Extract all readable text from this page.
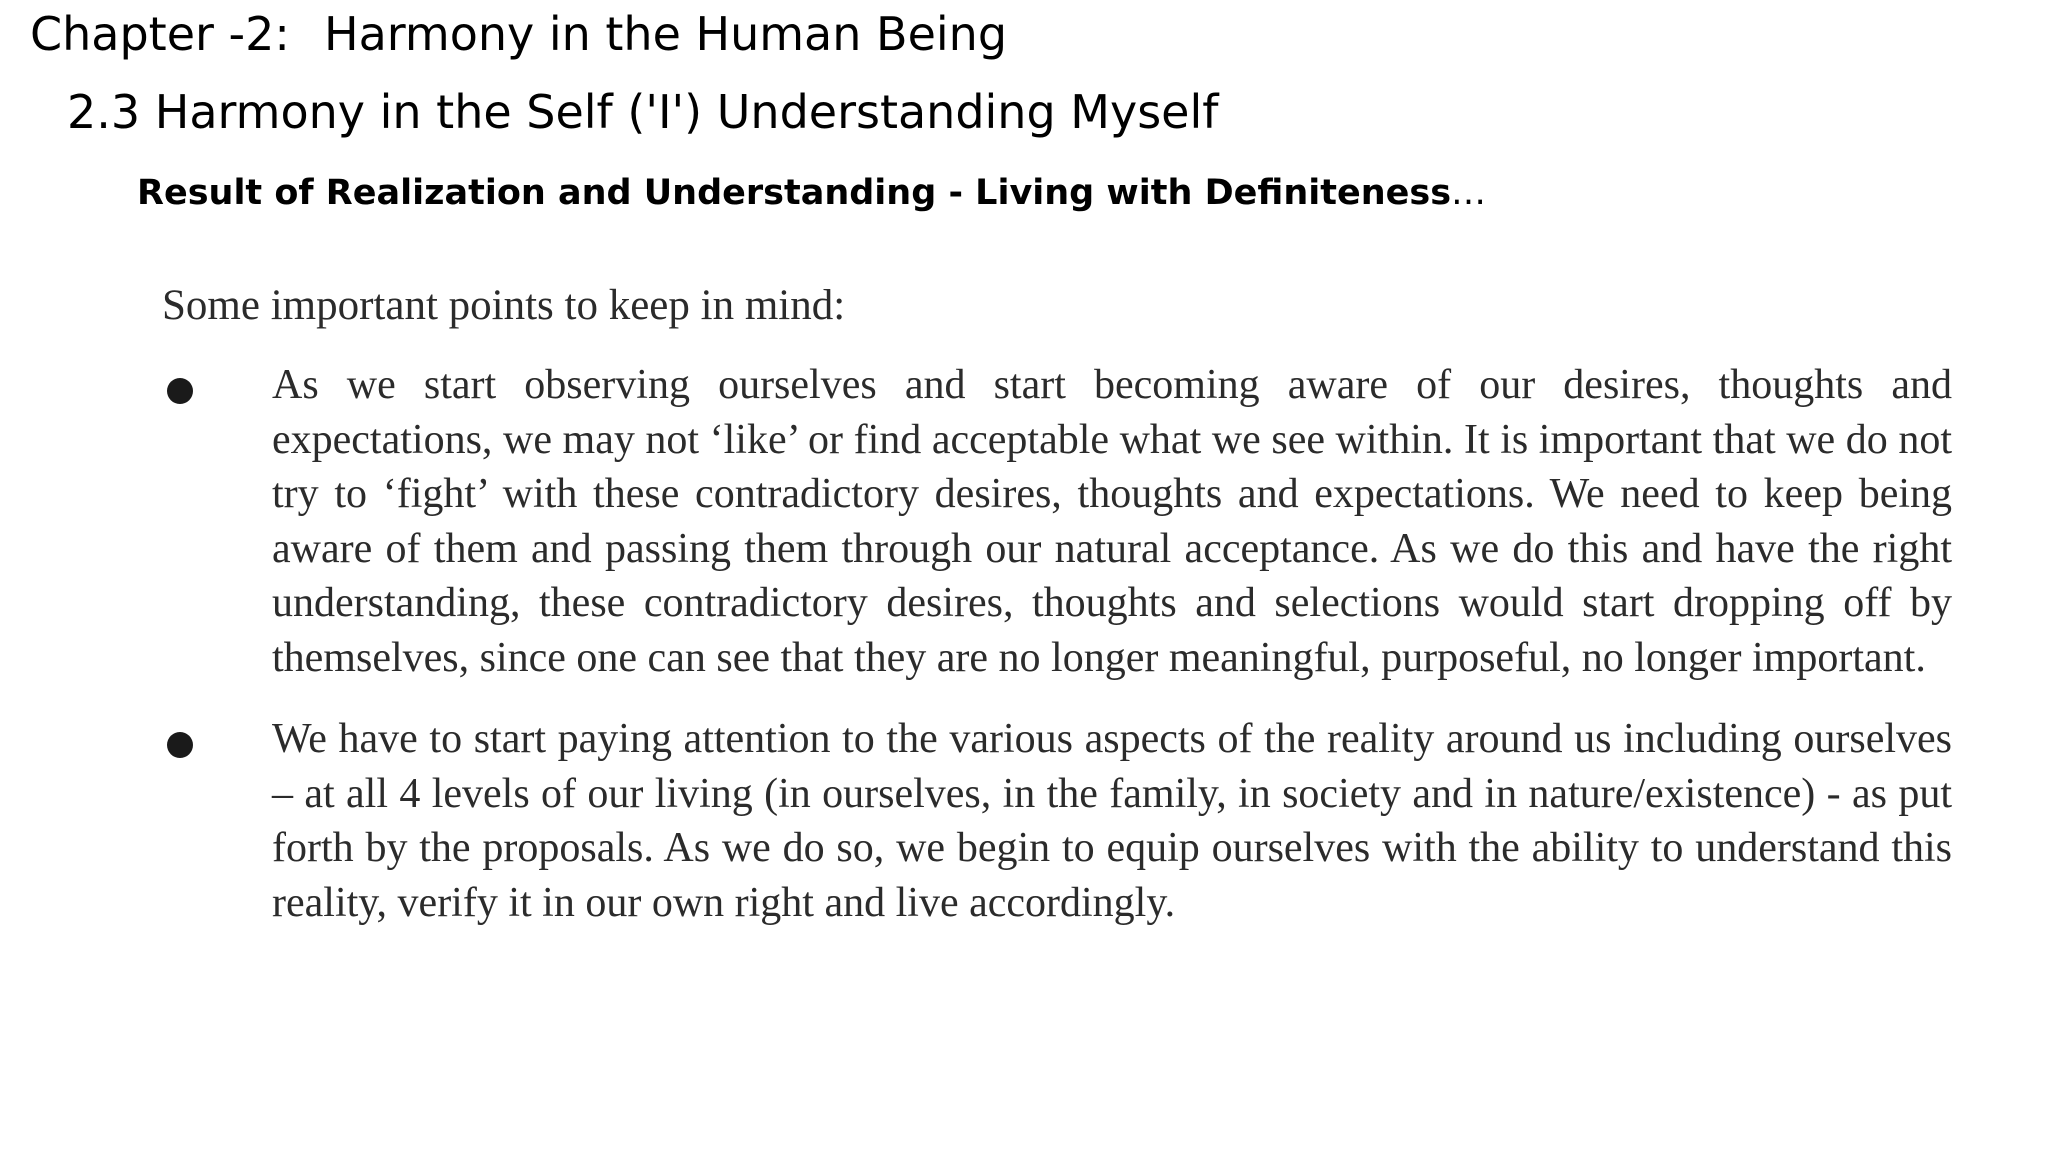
Chapter -2: Harmony in the Human Being
2.3 Harmony in the Self ('I') Understanding Myself
Result of Realization and Understanding - Living with Definiteness…

Some important points to keep in mind:

As we start observing ourselves and start becoming aware of our desires, thoughts and expectations, we may not ‘like’ or find acceptable what we see within. It is important that we do not try to ‘fight’ with these contradictory desires, thoughts and expectations. We need to keep being aware of them and passing them through our natural acceptance. As we do this and have the right understanding, these contradictory desires, thoughts and selections would start dropping off by themselves, since one can see that they are no longer meaningful, purposeful, no longer important.
We have to start paying attention to the various aspects of the reality around us including ourselves – at all 4 levels of our living (in ourselves, in the family, in society and in nature/existence) - as put forth by the proposals. As we do so, we begin to equip ourselves with the ability to understand this reality, verify it in our own right and live accordingly.
